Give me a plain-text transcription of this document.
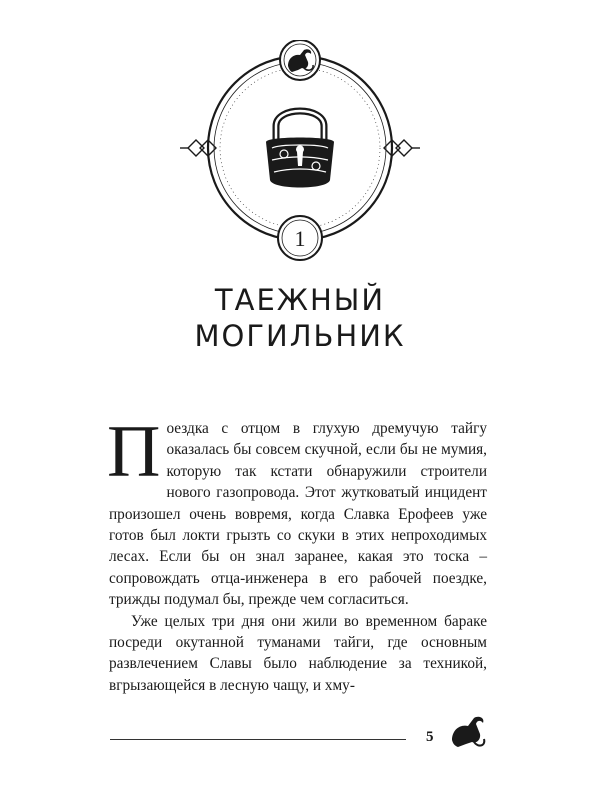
1
ТАЕЖНЫЙ
МОГИЛЬНИК
П оездка с отцом в глухую дремучую тайгу оказалась бы совсем скучной, если бы не мумия, которую так кстати обнаружили строители нового газопровода. Этот жутковатый инцидент произошел очень вовремя, когда Славка Ерофеев уже готов был локти грызть со скуки в этих непроходимых лесах. Если бы он знал заранее, какая это тоска – сопровождать отца-инженера в его рабочей поездке, трижды подумал бы, прежде чем согласиться.

Уже целых три дня они жили во временном бараке посреди окутанной туманами тайги, где основным развлечением Славы было наблюдение за техникой, вгрызающейся в лесную чащу, и хму-

5
